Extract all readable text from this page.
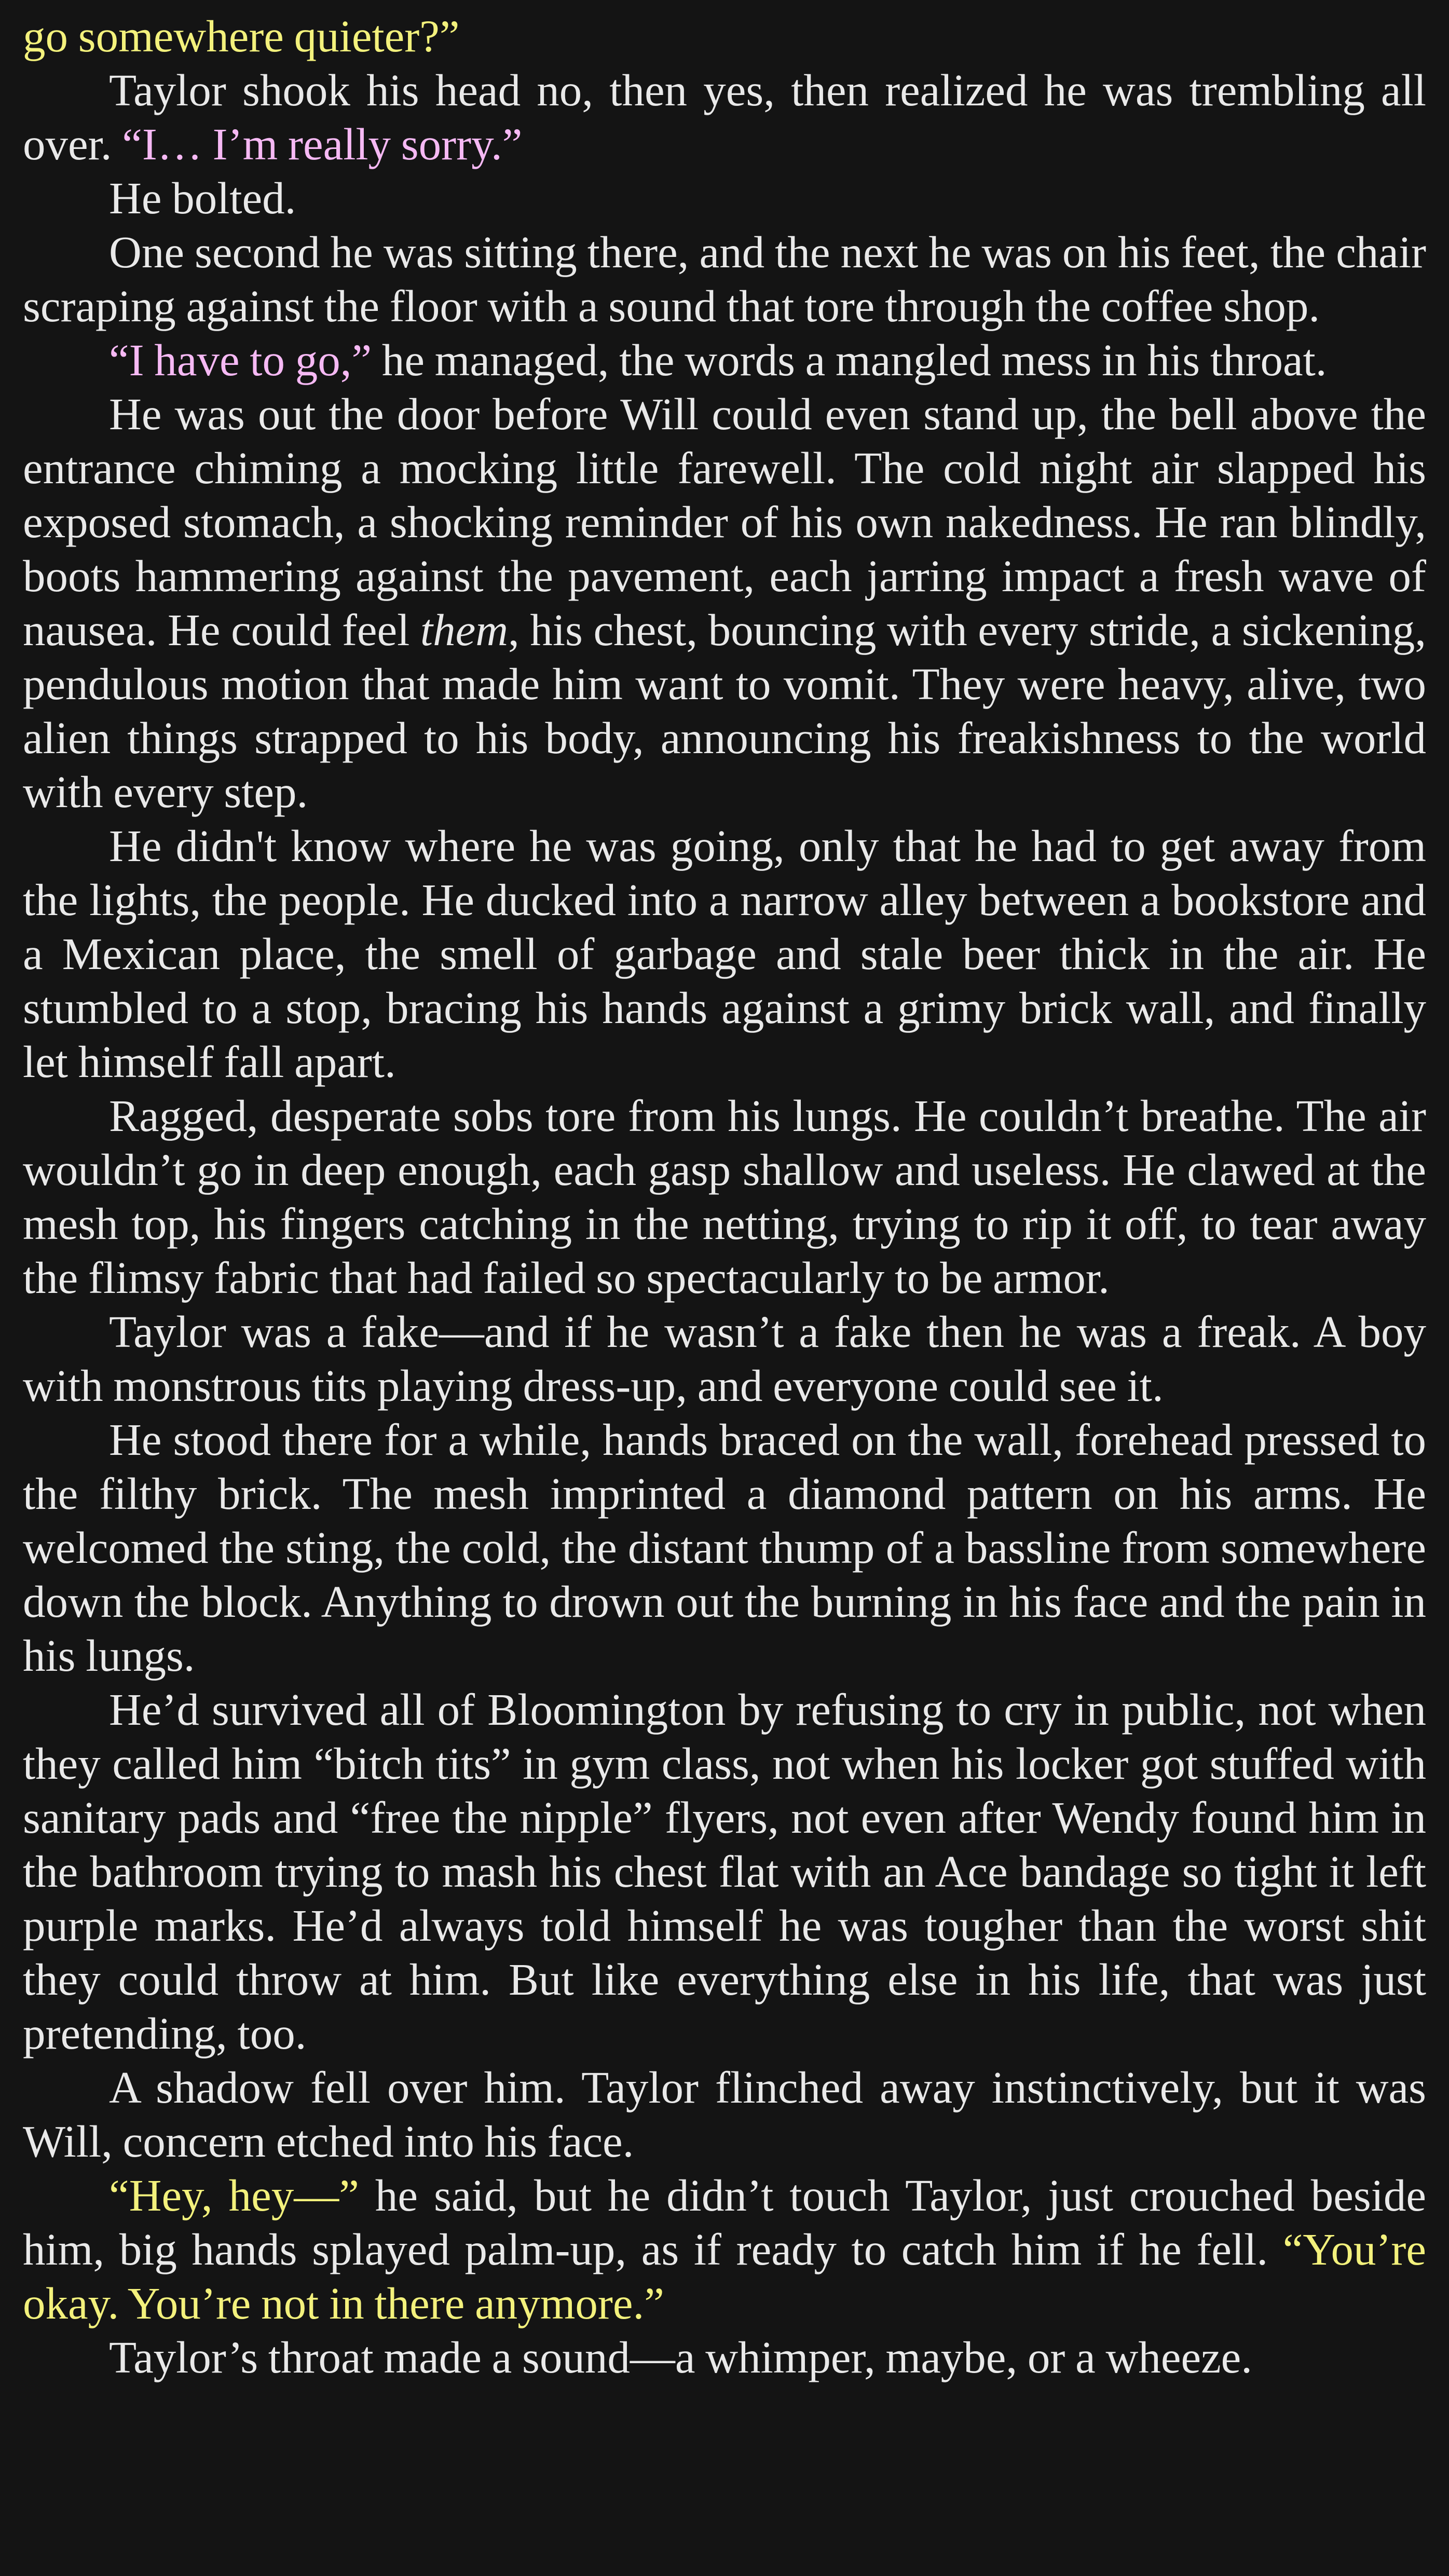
go somewhere quieter?”

Taylor shook his head no, then yes, then realized he was trembling all over. “I… I’m really sorry.”

He bolted.

One second he was sitting there, and the next he was on his feet, the chair scraping against the floor with a sound that tore through the coffee shop.

“I have to go,” he managed, the words a mangled mess in his throat.

He was out the door before Will could even stand up, the bell above the entrance chiming a mocking little farewell. The cold night air slapped his exposed stomach, a shocking reminder of his own nakedness. He ran blindly, boots hammering against the pavement, each jarring impact a fresh wave of nausea. He could feel them, his chest, bouncing with every stride, a sickening, pendulous motion that made him want to vomit. They were heavy, alive, two alien things strapped to his body, announcing his freakishness to the world with every step.

He didn't know where he was going, only that he had to get away from the lights, the people. He ducked into a narrow alley between a bookstore and a Mexican place, the smell of garbage and stale beer thick in the air. He stumbled to a stop, bracing his hands against a grimy brick wall, and finally let himself fall apart.

Ragged, desperate sobs tore from his lungs. He couldn’t breathe. The air wouldn’t go in deep enough, each gasp shallow and useless. He clawed at the mesh top, his fingers catching in the netting, trying to rip it off, to tear away the flimsy fabric that had failed so spectacularly to be armor.

Taylor was a fake—and if he wasn’t a fake then he was a freak. A boy with monstrous tits playing dress-up, and everyone could see it.

He stood there for a while, hands braced on the wall, forehead pressed to the filthy brick. The mesh imprinted a diamond pattern on his arms. He welcomed the sting, the cold, the distant thump of a bassline from somewhere down the block. Anything to drown out the burning in his face and the pain in his lungs.

He’d survived all of Bloomington by refusing to cry in public, not when they called him “bitch tits” in gym class, not when his locker got stuffed with sanitary pads and “free the nipple” flyers, not even after Wendy found him in the bathroom trying to mash his chest flat with an Ace bandage so tight it left purple marks. He’d always told himself he was tougher than the worst shit they could throw at him. But like everything else in his life, that was just pretending, too.

A shadow fell over him. Taylor flinched away instinctively, but it was Will, concern etched into his face.

“Hey, hey—” he said, but he didn’t touch Taylor, just crouched beside him, big hands splayed palm-up, as if ready to catch him if he fell. “You’re okay. You’re not in there anymore.”

Taylor’s throat made a sound—a whimper, maybe, or a wheeze.
